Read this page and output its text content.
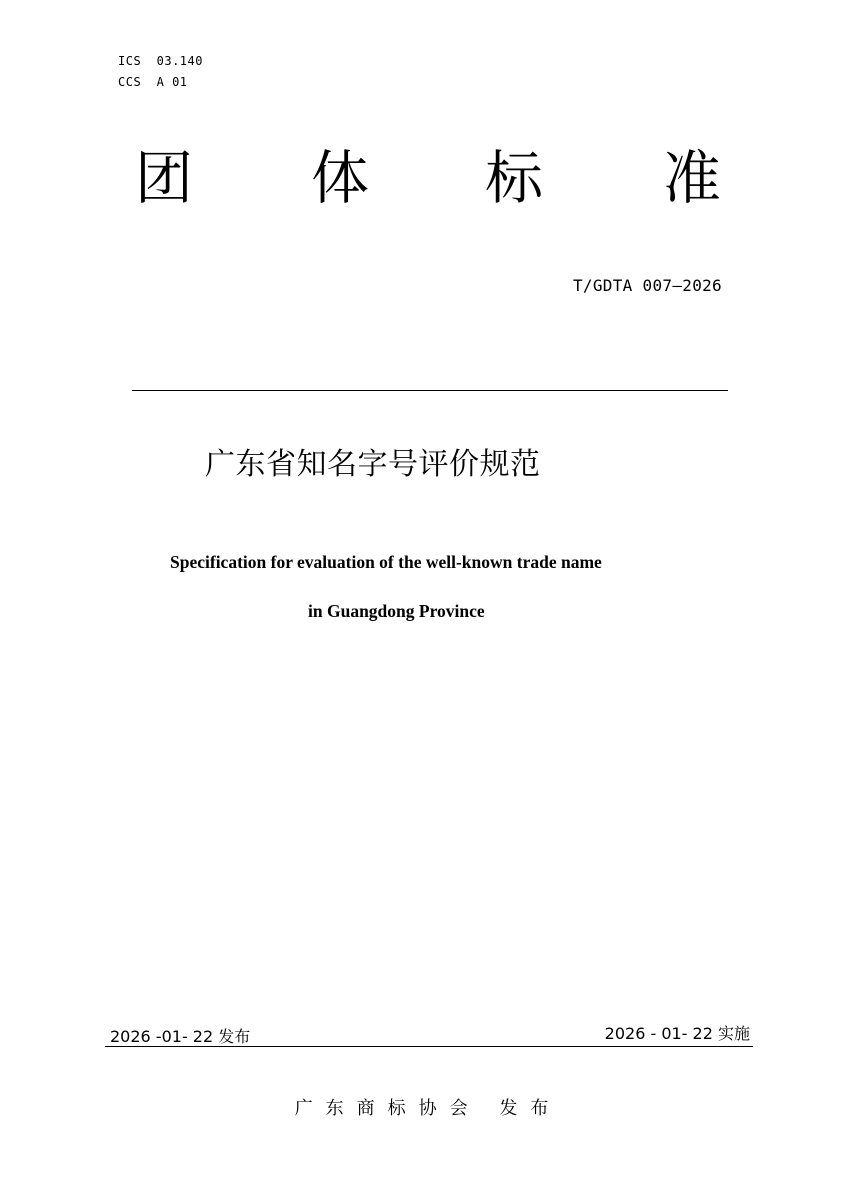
ICS  03.140
CCS  A 01
团 体 标 准
T/GDTA 007—2026
广东省知名字号评价规范
Specification for evaluation of the well-known trade name
in Guangdong Province
2026 -01- 22 发布	2026 - 01- 22 实施
广东商标协会 发布
